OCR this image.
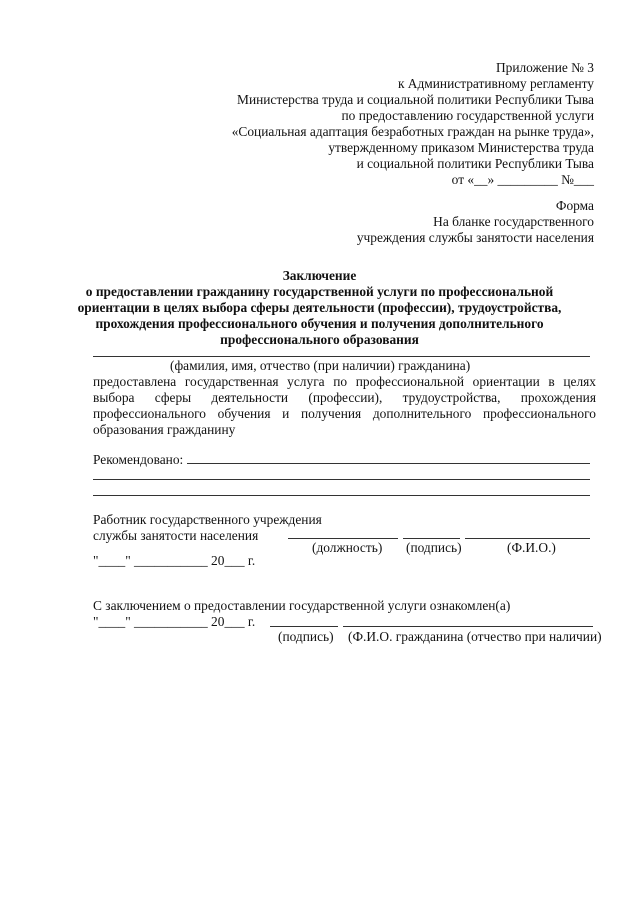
Приложение № 3
к Административному регламенту
Министерства труда и социальной политики Республики Тыва
по предоставлению государственной услуги
«Социальная адаптация безработных граждан на рынке труда»,
утвержденному приказом Министерства труда
и социальной политики Республики Тыва
от «__» _________ №___
Форма
На бланке государственного
учреждения службы занятости населения
Заключение
о предоставлении гражданину государственной услуги по профессиональной
ориентации в целях выбора сферы деятельности (профессии), трудоустройства,
прохождения профессионального обучения и получения дополнительного
профессионального образования
(фамилия, имя, отчество (при наличии) гражданина)
предоставлена государственная услуга по профессиональной ориентации в целях
выбора сферы деятельности (профессии), трудоустройства, прохождения
профессионального обучения и получения дополнительного профессионального
образования гражданину
Рекомендовано:
Работник государственного учреждения
службы занятости населения
(должность) (подпись)	(Ф.И.О.)
"____" ___________ 20___ г.
С заключением о предоставлении государственной услуги ознакомлен(а)
"____" ___________ 20___ г.
(подпись) (Ф.И.О. гражданина (отчество при наличии)
